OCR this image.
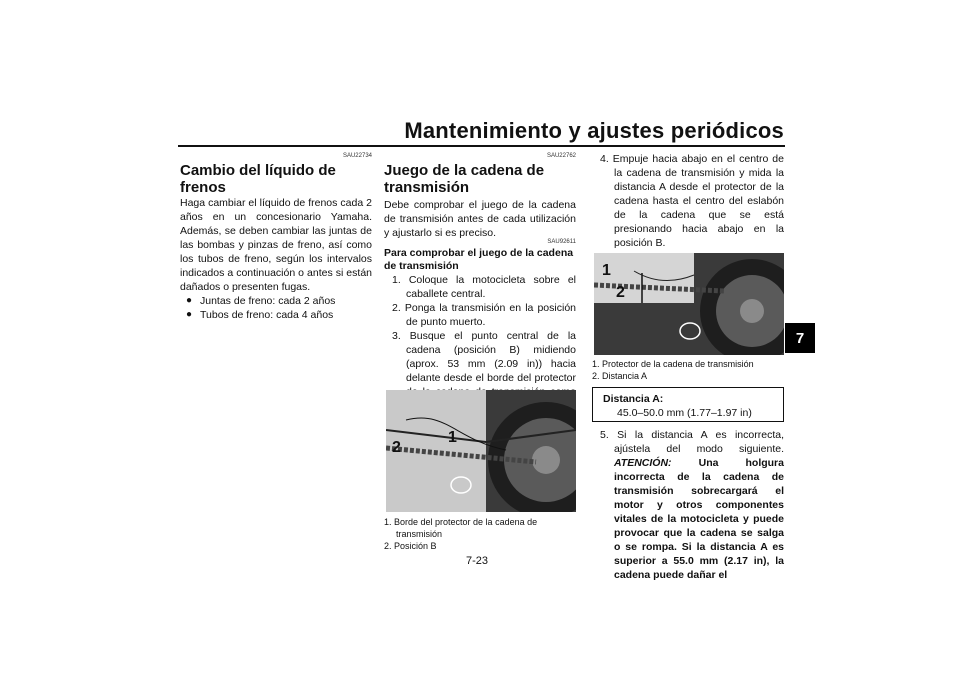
Mantenimiento y ajustes periódicos
7
SAU22734
Cambio del líquido de frenos

Haga cambiar el líquido de frenos cada 2 años en un concesionario Yamaha. Además, se deben cambiar las juntas de las bombas y pinzas de freno, así como los tubos de freno, según los intervalos indicados a continuación o antes si están dañados o presenten fugas.

● Juntas de freno: cada 2 años
● Tubos de freno: cada 4 años
SAU22762
Juego de la cadena de transmisión

Debe comprobar el juego de la cadena de transmisión antes de cada utilización y ajustarlo si es preciso.

SAU92611

Para comprobar el juego de la cadena de transmisión

1. Coloque la motocicleta sobre el caballete central.

2. Ponga la transmisión en la posición de punto muerto.

3. Busque el punto central de la cadena (posición B) midiendo (aprox. 53 mm (2.09 in)) hacia delante desde el borde del protector

1
2
1. Borde del protector de la cadena de transmisión
2. Posición B

4. Empuje hacia abajo en el centro de la cadena de transmisión y mida la distancia A desde el protector de la cadena hasta el centro del eslabón de la cadena que se está presionando hacia abajo en la posición B.

1
2
1. Protector de la cadena de transmisión
2. Distancia A
Distancia A:
45.0–50.0 mm (1.77–1.97 in)

5. Si la distancia A es incorrecta, ajústela del modo siguiente. ATENCIÓN:	Una holgura incorrecta de la cadena de transmisión sobrecargará el motor y otros componentes vitales de la motocicleta y puede provocar que la cadena se salga o se rompa. Si la distancia A es superior a 55.0 mm (2.17 in), la cadena puede dañar el

7-23
